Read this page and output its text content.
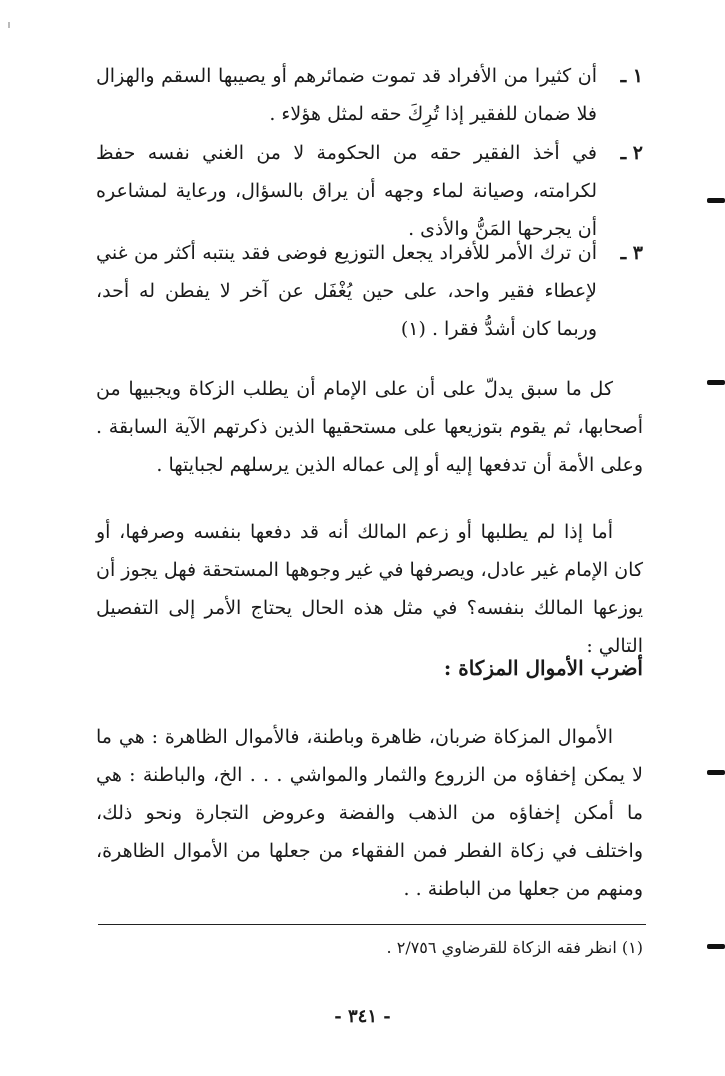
١ ـ
أن كثيرا من الأفراد قد تموت ضمائرهم أو يصيبها السقم والهزال فلا ضمان للفقير إذا تُرِكَ حقه لمثل هؤلاء .
٢ ـ
في أخذ الفقير حقه من الحكومة لا من الغني نفسه حفظ لكرامته، وصيانة لماء وجهه أن يراق بالسؤال، ورعاية لمشاعره أن يجرحها المَنُّ والأذى .
٣ ـ
أن ترك الأمر للأفراد يجعل التوزيع فوضى فقد ينتبه أكثر من غني لإعطاء فقير واحد، على حين يُغْفَل عن آخر لا يفطن له أحد، وربما كان أشدُّ فقرا . (١)
كل ما سبق يدلّ على أن على الإمام أن يطلب الزكاة ويجبيها من أصحابها، ثم يقوم بتوزيعها على مستحقيها الذين ذكرتهم الآية السابقة . وعلى الأمة أن تدفعها إليه أو إلى عماله الذين يرسلهم لجبايتها .
أما إذا لم يطلبها أو زعم المالك أنه قد دفعها بنفسه وصرفها، أو كان الإمام غير عادل، ويصرفها في غير وجوهها المستحقة فهل يجوز أن يوزعها المالك بنفسه؟ في مثل هذه الحال يحتاج الأمر إلى التفصيل التالي :
أضرب الأموال المزكاة :
الأموال المزكاة ضربان، ظاهرة وباطنة، فالأموال الظاهرة : هي ما لا يمكن إخفاؤه من الزروع والثمار والمواشي . . . الخ، والباطنة : هي ما أمكن إخفاؤه من الذهب والفضة وعروض التجارة ونحو ذلك، واختلف في زكاة الفطر فمن الفقهاء من جعلها من الأموال الظاهرة، ومنهم من جعلها من الباطنة . .
(١) انظر فقه الزكاة للقرضاوي ٢/٧٥٦ .
- ٣٤١ -
